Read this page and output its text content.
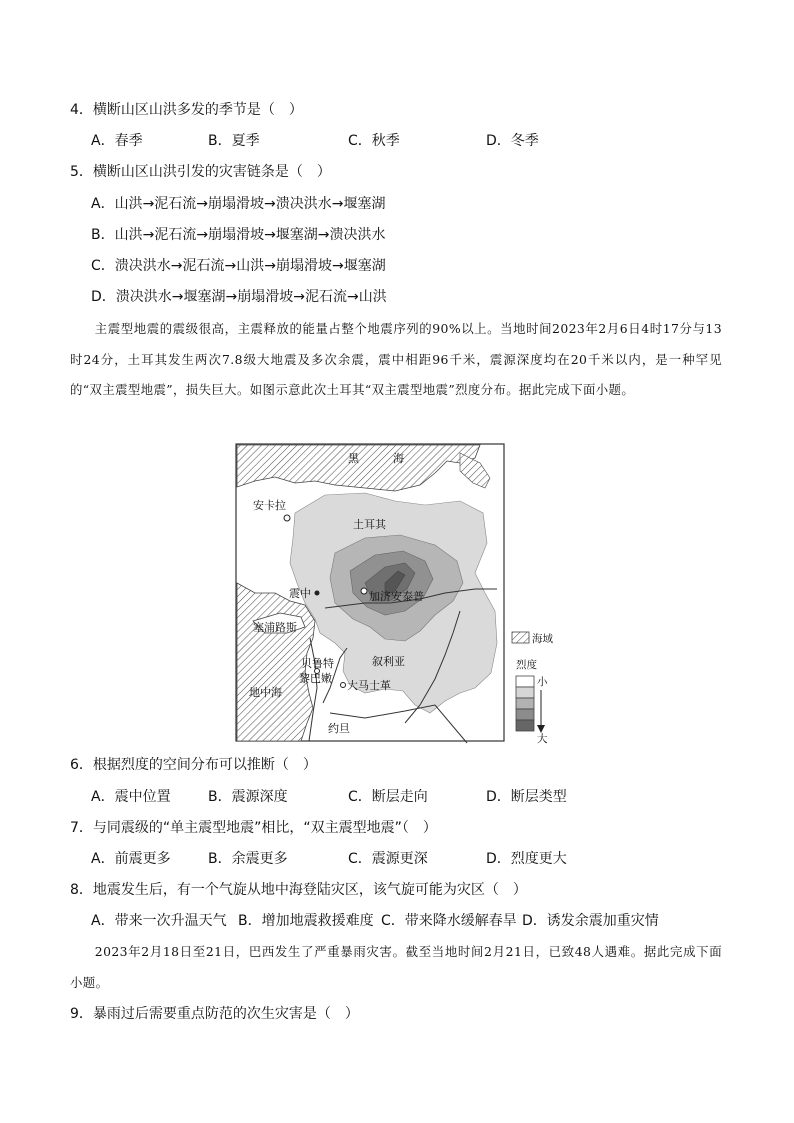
4．横断山区山洪多发的季节是（　）
A．春季	B．夏季	C．秋季	D．冬季
5．横断山区山洪引发的灾害链条是（　）
A．山洪→泥石流→崩塌滑坡→溃决洪水→堰塞湖
B．山洪→泥石流→崩塌滑坡→堰塞湖→溃决洪水
C．溃决洪水→泥石流→山洪→崩塌滑坡→堰塞湖
D．溃决洪水→堰塞湖→崩塌滑坡→泥石流→山洪

主震型地震的震级很高，主震释放的能量占整个地震序列的90%以上。当地时间2023年2月6日4时17分与13时24分，土耳其发生两次7.8级大地震及多次余震，震中相距96千米，震源深度均在20千米以内，是一种罕见的“双主震型地震”，损失巨大。如图示意此次土耳其“双主震型地震”烈度分布。据此完成下面小题。

黑	海
安卡拉
土耳其
震中	加济安泰普
塞浦路斯
贝鲁特
黎巴嫩
叙利亚
大马士革
地中海
约旦
海域
烈度
小
大
6．根据烈度的空间分布可以推断（　）
A．震中位置	B．震源深度	C．断层走向	D．断层类型
7．与同震级的“单主震型地震”相比，“双主震型地震”（　）
A．前震更多	B．余震更多	C．震源更深	D．烈度更大
8．地震发生后，有一个气旋从地中海登陆灾区，该气旋可能为灾区（　）
A．带来一次升温天气 B．增加地震救援难度 C．带来降水缓解春旱 D．诱发余震加重灾情

2023年2月18日至21日，巴西发生了严重暴雨灾害。截至当地时间2月21日，已致48人遇难。据此完成下面小题。

9．暴雨过后需要重点防范的次生灾害是（　）
